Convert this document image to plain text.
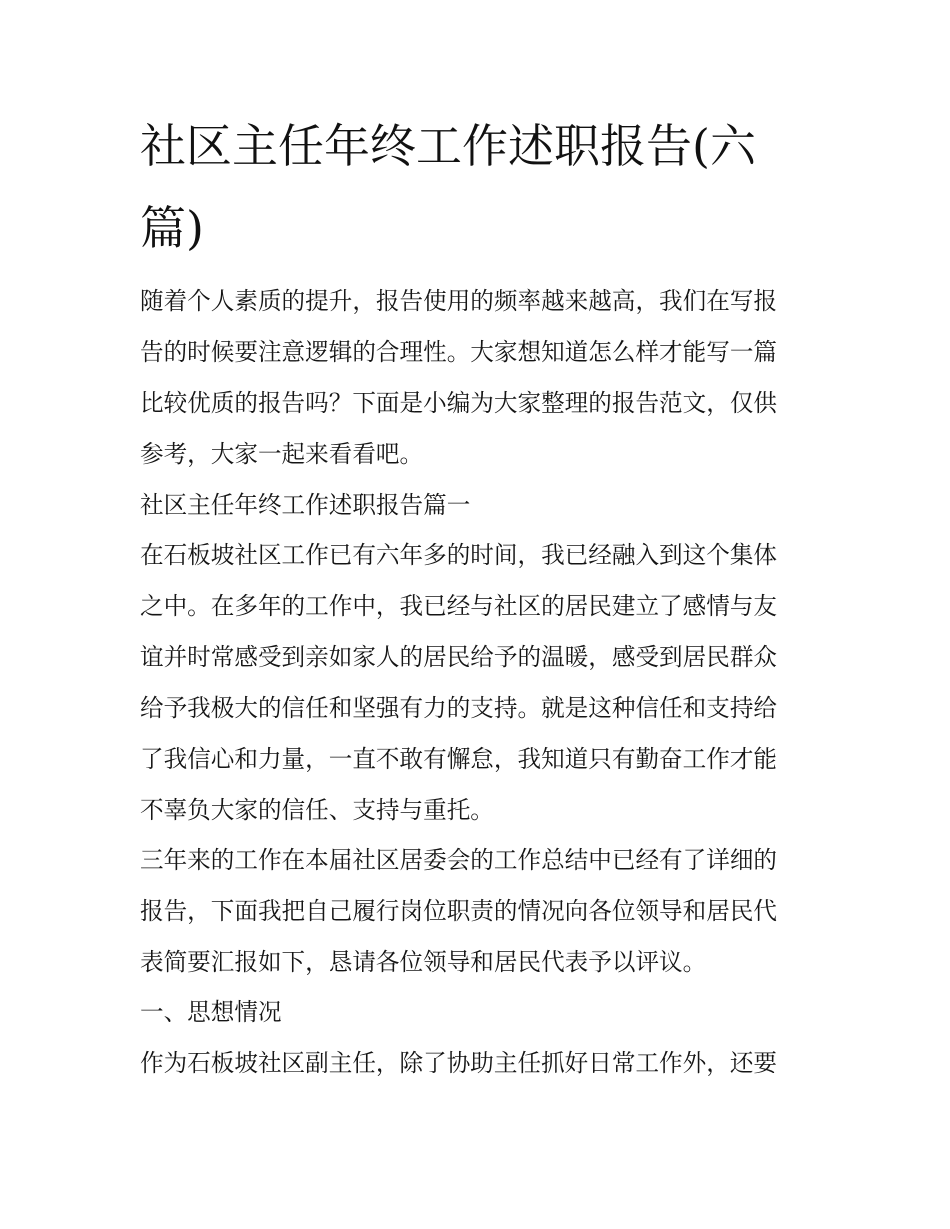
社区主任年终工作述职报告(六
篇)
随着个人素质的提升，报告使用的频率越来越高，我们在写报
告的时候要注意逻辑的合理性。大家想知道怎么样才能写一篇
比较优质的报告吗？下面是小编为大家整理的报告范文，仅供
参考，大家一起来看看吧。
社区主任年终工作述职报告篇一
在石板坡社区工作已有六年多的时间，我已经融入到这个集体
之中。在多年的工作中，我已经与社区的居民建立了感情与友
谊并时常感受到亲如家人的居民给予的温暖，感受到居民群众
给予我极大的信任和坚强有力的支持。就是这种信任和支持给
了我信心和力量，一直不敢有懈怠，我知道只有勤奋工作才能
不辜负大家的信任、支持与重托。
三年来的工作在本届社区居委会的工作总结中已经有了详细的
报告，下面我把自己履行岗位职责的情况向各位领导和居民代
表简要汇报如下，恳请各位领导和居民代表予以评议。
一、思想情况
作为石板坡社区副主任，除了协助主任抓好日常工作外，还要
